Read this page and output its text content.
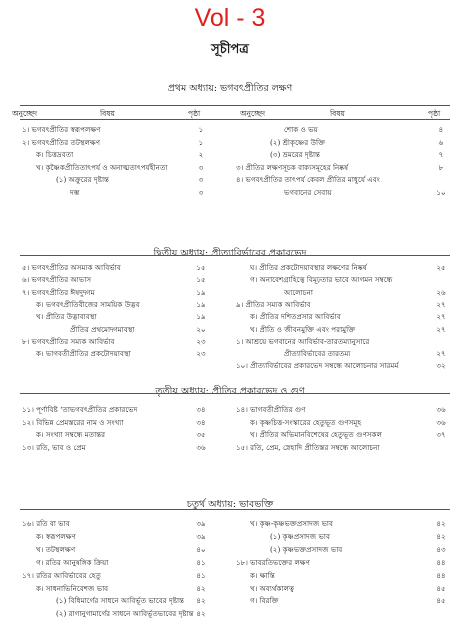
Vol - 3
সূচীপত্র
প্রথম অধ্যায়: ভগবৎপ্রীতির লক্ষণ
অনুচ্ছেদ	বিষয়	পৃষ্ঠা	অনুচ্ছেদ	বিষয়	পৃষ্ঠা
১। ভগবৎপ্রীতির স্বরূপলক্ষণ	১
২। ভগবৎপ্রীতির তটস্থলক্ষণ	১
ক। চিত্তদ্রবতা	২
খ। কৃষ্ণৈকপ্রীতিতাৎপর্য ও অনাত্মতাৎপর্যহীনতা	৩
(১) অক্রুরের দৃষ্টান্ত	৩
দম্ভ	৩
শোক ও ভয়	৪
(২) শ্রীকৃষ্ণের উক্তি	৬
(৩) ভ্রমরের দৃষ্টান্ত	৭
৩। প্রীতির লক্ষণসূচক বাক্যসমূহের নিষ্কর্ষ	৮
৪। ভগবৎপ্রীতির তাৎপর্য কেবল প্রীতির মাধুর্যে এবং
ভগবানের সেবায়	১০
দ্বিতীয় অধ্যায়: প্রীত্যাবির্ভাবের প্রকারভেদ
৫। ভগবৎপ্রীতির অসম্যক আবির্ভাব	১৫
৬। ভগবৎপ্রীতির আভাস	১৫
৭। ভগবৎপ্রীতির ঈষদুদ্গম	১৯
ক। ভগবৎপ্রীতিবীজের সাময়িক উদ্ভব	১৯
খ। প্রীতির উদ্ভাবাবস্থা	১৯
প্রীতির প্রথমোদ্গমাবস্থা	২০
৮। ভগবৎপ্রীতির সম্যক আবির্ভাব	২৩
ক। ভাগবতীপ্রীতির প্রকটোদয়াবস্থা	২৩
ঘ। প্রীতির প্রকটোদয়াবস্থার লক্ষণের নিষ্কর্ষ	২৫
গ। অনাবেশগ্রাহিত্বে বিমূঢ়তার ভাবে আগমন সম্বন্ধে
আলোচনা	২৬
৯। প্রীতির সম্যক আবির্ভাব	২৭
ক। প্রীতির দশিতপ্রসার আবির্ভাব	২৭
খ। প্রীতি ও জীবনমুক্তি এবং পরামুক্তি	২৭
১। আশ্রয়ে ভগবানের আবির্ভাব-তারতম্যানুসারে
প্রীত্যাবির্ভাবের তারতম্য	২৭
১০। প্রীত্যাবির্ভাবের প্রকারভেদ সম্বন্ধে আলোচনার সারমর্ম	৩২
তৃতীয় অধ্যায়: প্রীতির প্রকারভেদ ও গুণ
১১। পূর্ণাবিষ্ট ‘তাভগবৎপ্রীতির প্রকারভেদ	৩৪
১২। বিভিন্ন প্রেমস্তরের নাম ও সংখ্যা	৩৪
ক। সংখ্যা সম্বন্ধে মতান্তর	৩৫
১৩। রতি, ভাব ও প্রেম	৩৬
১৪। ভাগবতীপ্রীতির গুণ	৩৬
ক। কৃষ্ণচিত্ত-সংস্কারের হেতুভূত গুণসমূহ	৩৬
খ। প্রীতির অভিমানবিশেষের হেতুভূত গুণসকল	৩৭
১৫। রতি, প্রেম, স্নেহাদি প্রীতিস্তর সম্বন্ধে আলোচনা
চতুর্থ অধ্যায়: ভাবভক্তি
১৬। রতি বা ভাব	৩৯
ক। স্বরূপলক্ষণ	৩৯
খ। তটস্থলক্ষণ	৪০
গ। রতির আনুষঙ্গিক ক্রিয়া	৪১
১৭। রতির আবির্ভাবের হেতু	৪১
ক। সাধনাভিনিবেশজ ভাব	৪২
(১) বিধিমার্গের সাধনে আবির্ভূত ভাবের দৃষ্টান্ত	৪২
(২) রাগানুগামার্গের সাধনে আবির্ভূতভাবের দৃষ্টান্ত ৪২
খ। কৃষ্ণ-কৃষ্ণভক্তপ্রসাদজ ভাব	৪২
(১) কৃষ্ণপ্রসাদজ ভাব	৪২
(২) কৃষ্ণভক্তপ্রসাদজ ভাব	৪৩
১৮। ভাবরতিভক্তের লক্ষণ	৪৪
ক। ক্ষান্তি	৪৪
খ। অব্যর্থকালত্ব	৪৫
গ। বিরক্তি	৪৫
